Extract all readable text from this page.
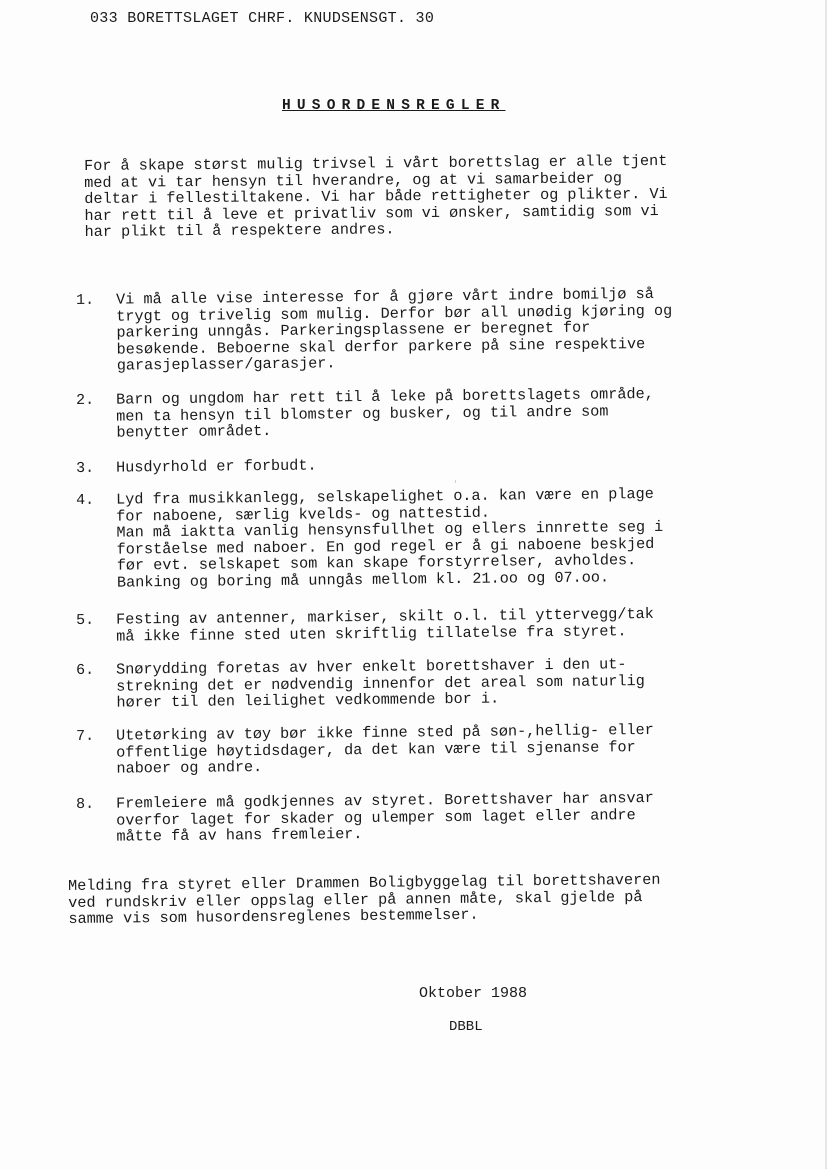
033 BORETTSLAGET CHRF. KNUDSENSGT. 30
HUSORDENSREGLER
For å skape størst mulig trivsel i vårt borettslag er alle tjent
med at vi tar hensyn til hverandre, og at vi samarbeider og
deltar i fellestiltakene. Vi har både rettigheter og plikter. Vi
har rett til å leve et privatliv som vi ønsker, samtidig som vi
har plikt til å respektere andres.
1.	Vi må alle vise interesse for å gjøre vårt indre bomiljø så
trygt og trivelig som mulig. Derfor bør all unødig kjøring og
parkering unngås. Parkeringsplassene er beregnet for
besøkende. Beboerne skal derfor parkere på sine respektive
garasjeplasser/garasjer.
2.	Barn og ungdom har rett til å leke på borettslagets område,
men ta hensyn til blomster og busker, og til andre som
benytter området.
3.	Husdyrhold er forbudt.
4.	Lyd fra musikkanlegg, selskapelighet o.a. kan være en plage
for naboene, særlig kvelds- og nattestid.
Man må iaktta vanlig hensynsfullhet og ellers innrette seg i
forståelse med naboer. En god regel er å gi naboene beskjed
før evt. selskapet som kan skape forstyrrelser, avholdes.
Banking og boring må unngås mellom kl. 21.oo og 07.oo.
5.	Festing av antenner, markiser, skilt o.l. til yttervegg/tak
må ikke finne sted uten skriftlig tillatelse fra styret.
6.	Snørydding foretas av hver enkelt borettshaver i den ut-
strekning det er nødvendig innenfor det areal som naturlig
hører til den leilighet vedkommende bor i.
7.	Utetørking av tøy bør ikke finne sted på søn-,hellig- eller
offentlige høytidsdager, da det kan være til sjenanse for
naboer og andre.
8.	Fremleiere må godkjennes av styret. Borettshaver har ansvar
overfor laget for skader og ulemper som laget eller andre
måtte få av hans fremleier.
Melding fra styret eller Drammen Boligbyggelag til borettshaveren
ved rundskriv eller oppslag eller på annen måte, skal gjelde på
samme vis som husordensreglenes bestemmelser.
Oktober 1988
DBBL
